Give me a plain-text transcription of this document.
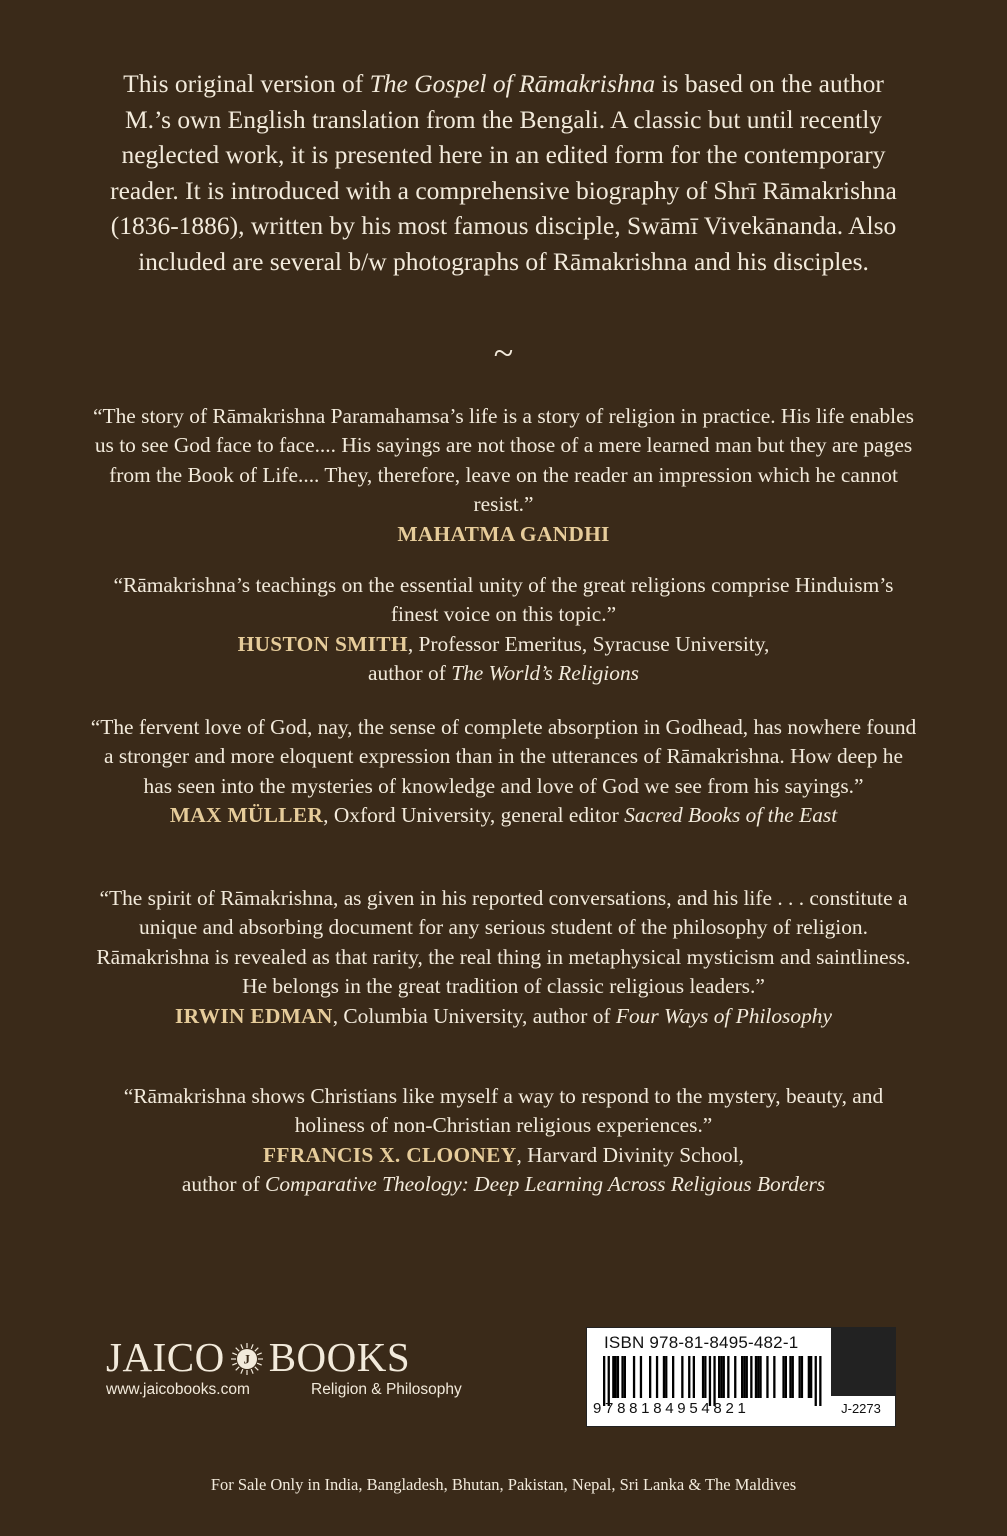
This original version of The Gospel of Rāmakrishna is based on the author M.’s own English translation from the Bengali. A classic but until recently neglected work, it is presented here in an edited form for the contemporary reader. It is introduced with a comprehensive biography of Shrī Rāmakrishna (1836-1886), written by his most famous disciple, Swāmī Vivekānanda. Also included are several b/w photographs of Rāmakrishna and his disciples.

~
“The story of Rāmakrishna Paramahamsa’s life is a story of religion in practice. His life enables us to see God face to face.... His sayings are not those of a mere learned man but they are pages from the Book of Life.... They, therefore, leave on the reader an impression which he cannot resist.”
MAHATMA GANDHI
“Rāmakrishna’s teachings on the essential unity of the great religions comprise Hinduism’s finest voice on this topic.”
HUSTON SMITH, Professor Emeritus, Syracuse University,
author of The World’s Religions
“The fervent love of God, nay, the sense of complete absorption in Godhead, has nowhere found a stronger and more eloquent expression than in the utterances of Rāmakrishna. How deep he has seen into the mysteries of knowledge and love of God we see from his sayings.”
MAX MÜLLER, Oxford University, general editor Sacred Books of the East
“The spirit of Rāmakrishna, as given in his reported conversations, and his life . . . constitute a unique and absorbing document for any serious student of the philosophy of religion. Rāmakrishna is revealed as that rarity, the real thing in metaphysical mysticism and saintliness. He belongs in the great tradition of classic religious leaders.”
IRWIN EDMAN, Columbia University, author of Four Ways of Philosophy
“Rāmakrishna shows Christians like myself a way to respond to the mystery, beauty, and holiness of non-Christian religious experiences.”
FFRANCIS X. CLOONEY, Harvard Divinity School,
author of Comparative Theology: Deep Learning Across Religious Borders
JAICO J BOOKS
www.jaicobooks.com	Religion & Philosophy
ISBN 978-81-8495-482-1
9788184954821	J-2273
For Sale Only in India, Bangladesh, Bhutan, Pakistan, Nepal, Sri Lanka & The Maldives
